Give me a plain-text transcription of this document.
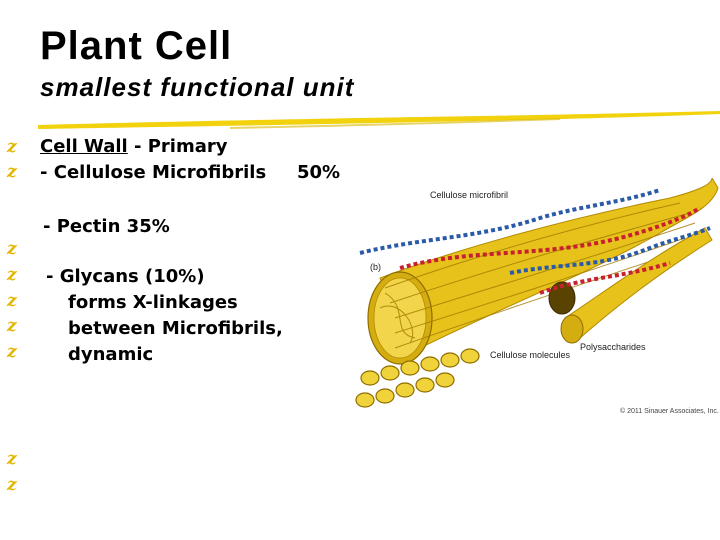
Plant Cell
smallest functional unit
z
z
z
z
z
z
z
z
z
Cell Wall - Primary
- Cellulose Microfibrils 50%
- Pectin 35%
- Glycans (10%)
forms X-linkages
between Microfibrils,
dynamic
Cellulose microfibril
(b)
Polysaccharides
Cellulose molecules
© 2011 Sinauer Associates, Inc.
